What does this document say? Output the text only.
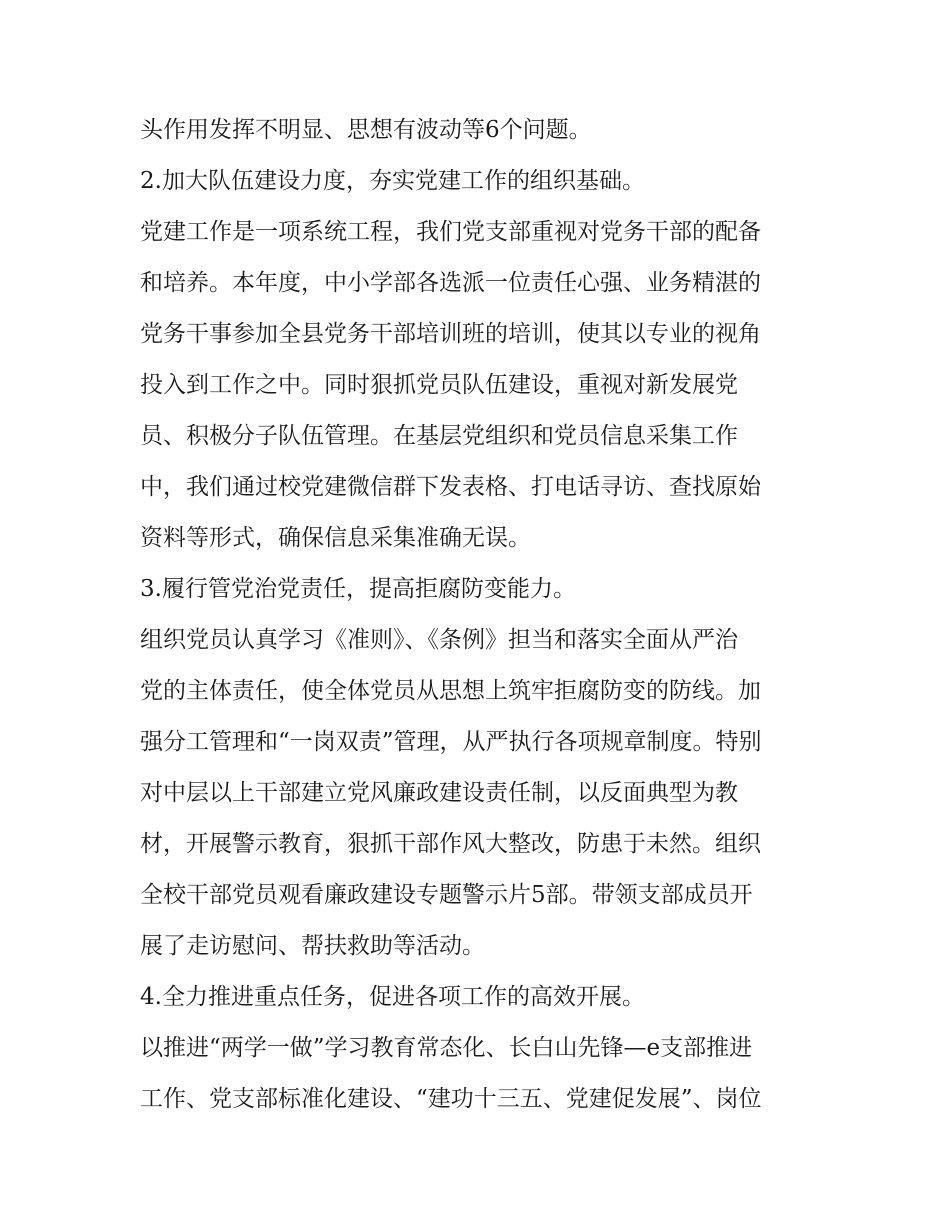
头作用发挥不明显、思想有波动等6个问题。
2.加大队伍建设力度，夯实党建工作的组织基础。
党建工作是一项系统工程，我们党支部重视对党务干部的配备
和培养。本年度，中小学部各选派一位责任心强、业务精湛的
党务干事参加全县党务干部培训班的培训，使其以专业的视角
投入到工作之中。同时狠抓党员队伍建设，重视对新发展党
员、积极分子队伍管理。在基层党组织和党员信息采集工作
中，我们通过校党建微信群下发表格、打电话寻访、查找原始
资料等形式，确保信息采集准确无误。
3.履行管党治党责任，提高拒腐防变能力。
组织党员认真学习《准则》、《条例》担当和落实全面从严治
党的主体责任，使全体党员从思想上筑牢拒腐防变的防线。加
强分工管理和“一岗双责”管理，从严执行各项规章制度。特别
对中层以上干部建立党风廉政建设责任制，以反面典型为教
材，开展警示教育，狠抓干部作风大整改，防患于未然。组织
全校干部党员观看廉政建设专题警示片5部。带领支部成员开
展了走访慰问、帮扶救助等活动。
4.全力推进重点任务，促进各项工作的高效开展。
以推进“两学一做”学习教育常态化、长白山先锋—e支部推进
工作、党支部标准化建设、“建功十三五、党建促发展”、岗位
